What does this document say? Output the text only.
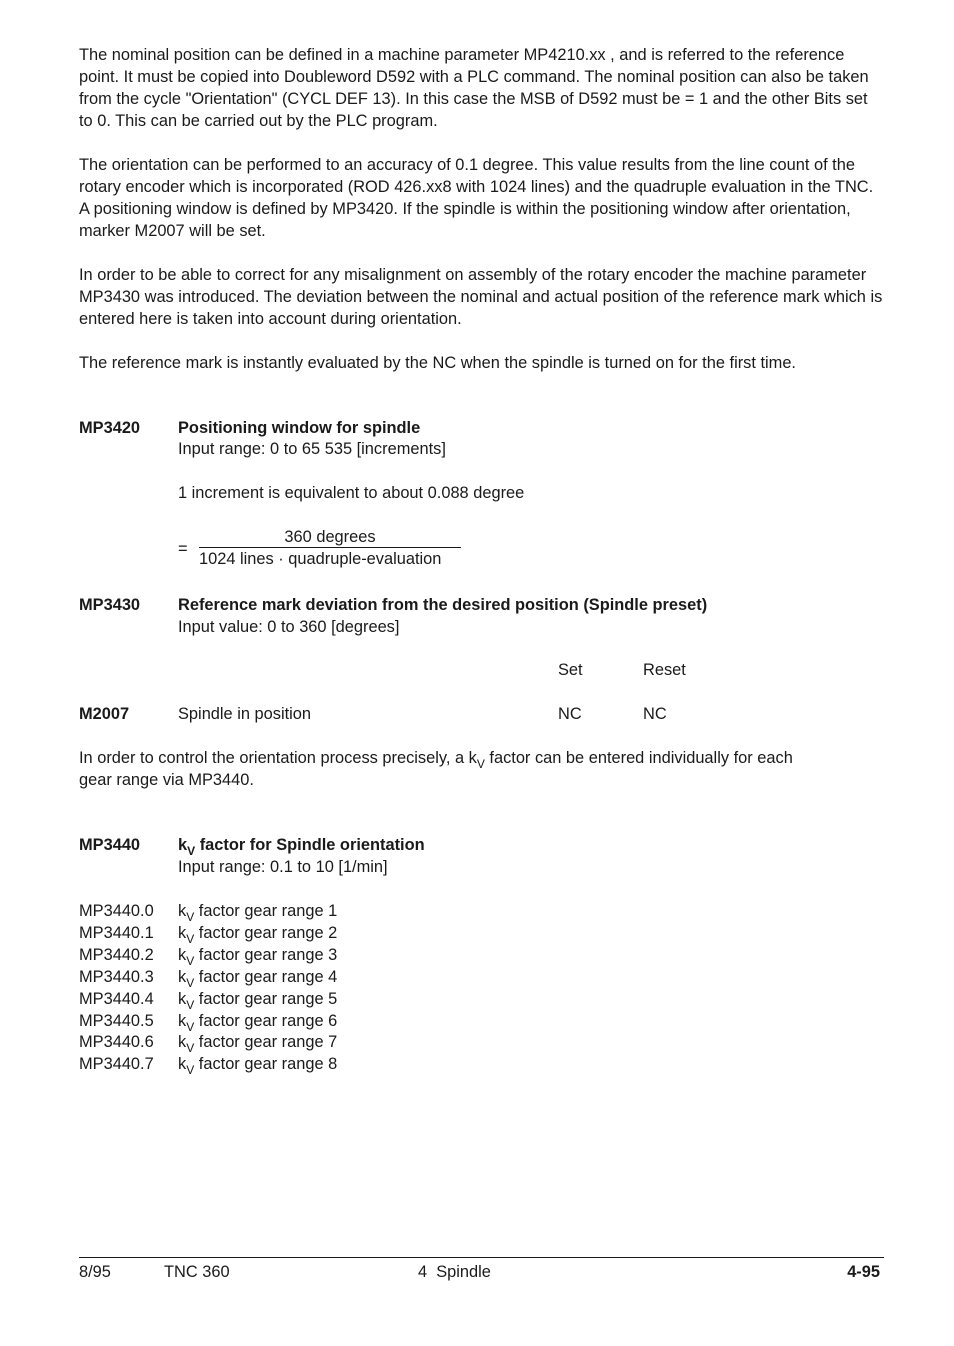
The nominal position can be defined in a machine parameter MP4210.xx , and is referred to the reference point. It must be copied into Doubleword D592 with a PLC command. The nominal position can also be taken from the cycle "Orientation" (CYCL DEF 13). In this case the MSB of D592 must be = 1 and the other Bits set to 0. This can be carried out by the PLC program.

The orientation can be performed to an accuracy of 0.1 degree. This value results from the line count of the rotary encoder which is incorporated (ROD 426.xx8 with 1024 lines) and the quadruple evaluation in the TNC. A positioning window is defined by MP3420. If the spindle is within the positioning window after orientation, marker M2007 will be set.

In order to be able to correct for any misalignment on assembly of the rotary encoder the machine parameter MP3430 was introduced. The deviation between the nominal and actual position of the reference mark which is entered here is taken into account during orientation.

The reference mark is instantly evaluated by the NC when the spindle is turned on for the first time.

MP3420 Positioning window for spindle
Input range: 0 to 65 535 [increments]
1 increment is equivalent to about 0.088 degree
=
360 degrees
1024 lines · quadruple-evaluation
MP3430 Reference mark deviation from the desired position (Spindle preset)
Input value: 0 to 360 [degrees]
Set	Reset
M2007	Spindle in position	NC	NC
In order to control the orientation process precisely, a $k_V$ factor can be entered individually for each
gear range via MP3440.
MP3440 $k_V$ factor for Spindle orientation
Input range: 0.1 to 10 [1/min]
MP3440.0 $k_V$ factor gear range 1
MP3440.1 $k_V$ factor gear range 2
MP3440.2 $k_V$ factor gear range 3
MP3440.3 $k_V$ factor gear range 4
MP3440.4 $k_V$ factor gear range 5
MP3440.5 $k_V$ factor gear range 6
MP3440.6 $k_V$ factor gear range 7
MP3440.7 $k_V$ factor gear range 8
8/95	TNC 360	4  Spindle	4-95
